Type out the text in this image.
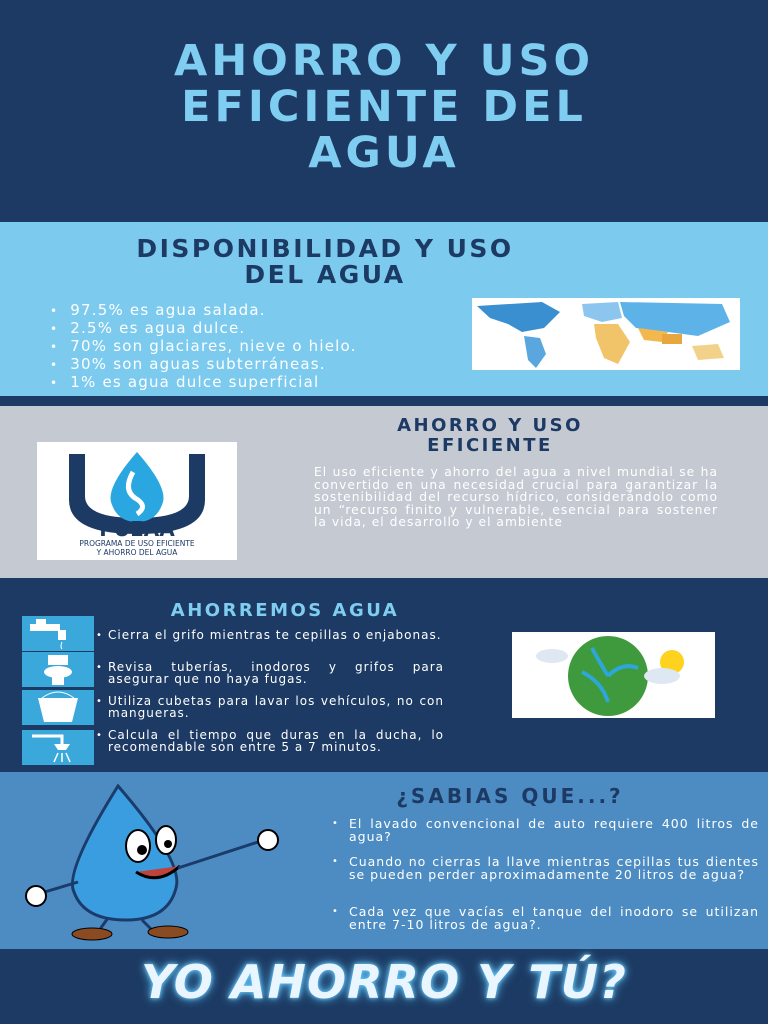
AHORRO Y USO
EFICIENTE DEL
AGUA
DISPONIBILIDAD Y USO
DEL AGUA
• 97.5% es agua salada.
• 2.5% es agua dulce.
• 70% son glaciares, nieve o hielo.
• 30% son aguas subterráneas.
• 1% es agua dulce superficial
PUEAA
PROGRAMA DE USO EFICIENTE
Y AHORRO DEL AGUA
AHORRO Y USO
EFICIENTE

El uso eficiente y ahorro del agua a nivel mundial se ha convertido en una necesidad crucial para garantizar la sostenibilidad del recurso hídrico, considerándolo como un “recurso finito y vulnerable, esencial para sostener la vida, el desarrollo y el ambiente

AHORREMOS AGUA
• Cierra el grifo mientras te cepillas o enjabonas.
• Revisa tuberías, inodoros y grifos para asegurar que no haya fugas.
• Utiliza cubetas para lavar los vehículos, no con mangueras.
• Calcula el tiempo que duras en la ducha, lo recomendable son entre 5 a 7 minutos.
¿SABIAS QUE...?
• El lavado convencional de auto requiere 400 litros de agua?
• Cuando no cierras la llave mientras cepillas tus dientes se pueden perder aproximadamente 20 litros de agua?
• Cada vez que vacías el tanque del inodoro se utilizan entre 7-10 litros de agua?.
YO AHORRO Y TÚ?
